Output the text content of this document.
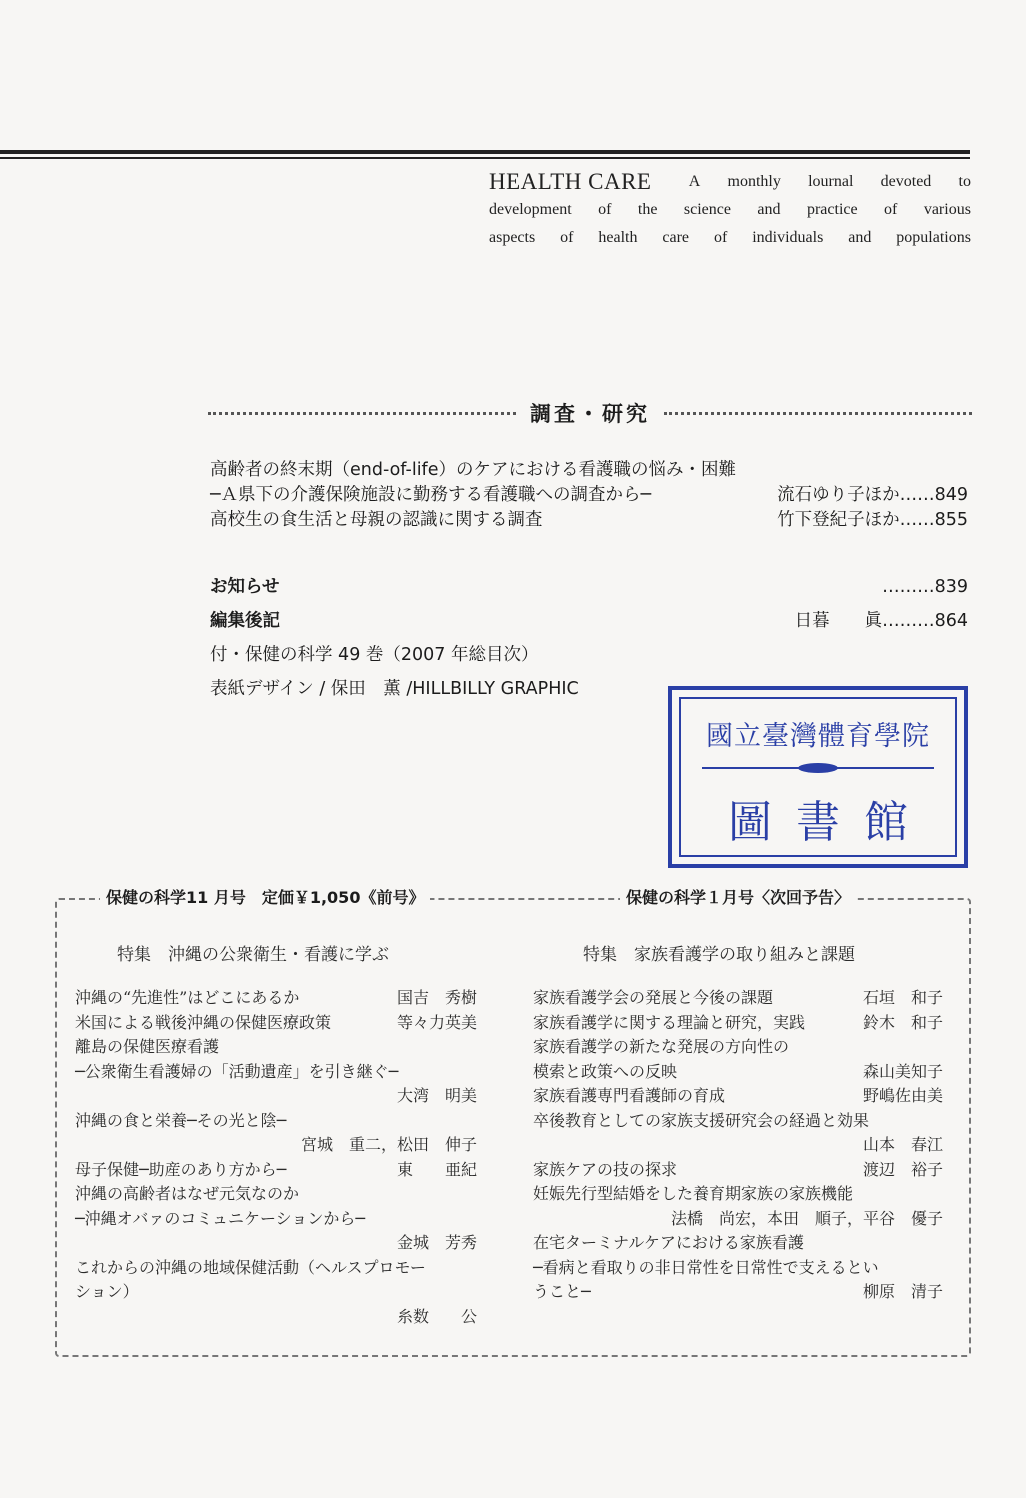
HEALTH CARE A monthly lournal devoted to
development of the science and practice of various
aspects of health care of individuals and populations
調査・研究
高齢者の終末期（end-of-life）のケアにおける看護職の悩み・困難
─Ａ県下の介護保険施設に勤務する看護職への調査から─	流石ゆり子ほか……849
高校生の食生活と母親の認識に関する調査	竹下登紀子ほか……855
お知らせ	………839
編集後記	日暮　　眞………864
付・保健の科学 49 巻（2007 年総目次）
表紙デザイン / 保田　薫 /HILLBILLY GRAPHIC
國立臺灣體育學院
圖書館
保健の科学11 月号　定価￥1,050《前号》	保健の科学１月号〈次回予告〉
特集　沖縄の公衆衛生・看護に学ぶ
沖縄の“先進性”はどこにあるか	国吉　秀樹
米国による戦後沖縄の保健医療政策	等々力英美
離島の保健医療看護
─公衆衛生看護婦の「活動遺産」を引き継ぐ─
大湾　明美
沖縄の食と栄養─その光と陰─
宮城　重二，松田　伸子
母子保健─助産のあり方から─	東　　亜紀
沖縄の高齢者はなぜ元気なのか
─沖縄オバァのコミュニケーションから─
金城　芳秀
これからの沖縄の地域保健活動（ヘルスプロモー
ション）
糸数　　公
特集　家族看護学の取り組みと課題
家族看護学会の発展と今後の課題	石垣　和子
家族看護学に関する理論と研究，実践	鈴木　和子
家族看護学の新たな発展の方向性の
模索と政策への反映	森山美知子
家族看護専門看護師の育成	野嶋佐由美
卒後教育としての家族支援研究会の経過と効果
山本　春江
家族ケアの技の探求	渡辺　裕子
妊娠先行型結婚をした養育期家族の家族機能
法橋　尚宏，本田　順子，平谷　優子
在宅ターミナルケアにおける家族看護
─看病と看取りの非日常性を日常性で支えるとい
うこと─	柳原　清子
